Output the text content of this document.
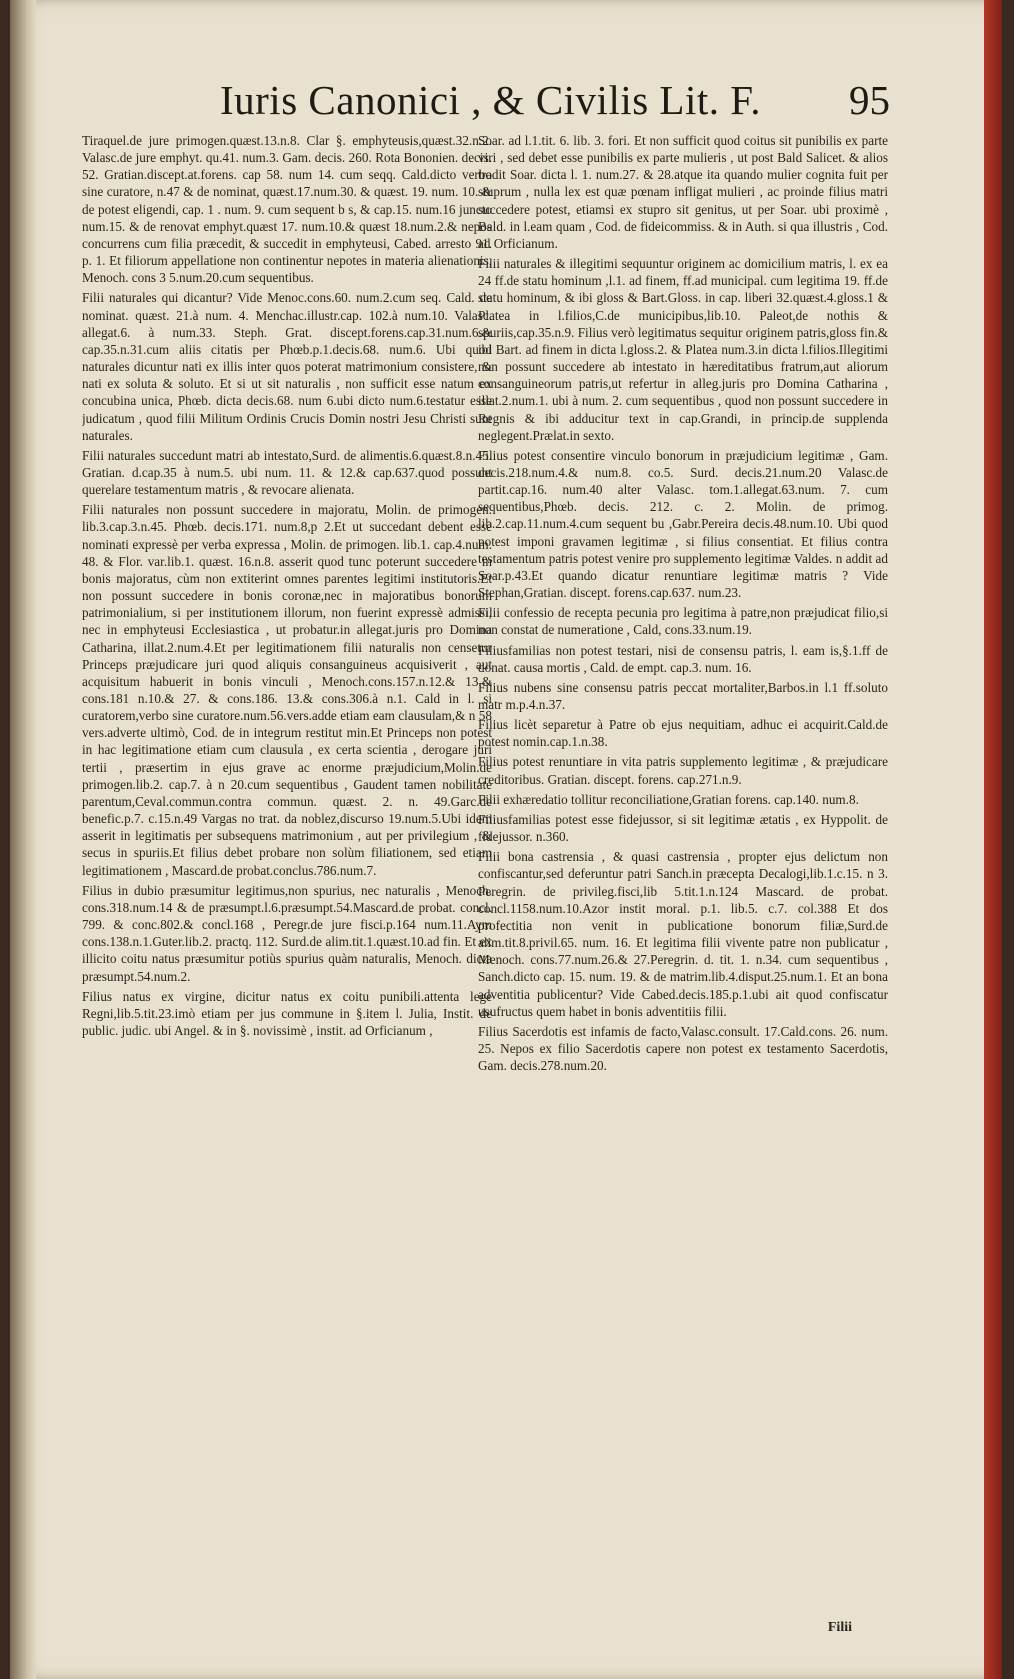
Iuris Canonici , & Civilis Lit. F. 95

Tiraquel.de jure primogen.quæst.13.n.8. Clar §. emphyteusis,quæst.32.n.2. Valasc.de jure emphyt. qu.41. num.3. Gam. decis. 260. Rota Bononien. decis. 52. Gratian.discept.at.forens. cap 58. num 14. cum seqq. Cald.dicto verbo sine curatore, n.47 & de nominat, quæst.17.num.30. & quæst. 19. num. 10. & de potest eligendi, cap. 1 . num. 9. cum sequent b s, & cap.15. num.16 juncto num.15. & de renovat emphyt.quæst 17. num.10.& quæst 18.num.2.& nepos concurrens cum filia præcedit, & succedit in emphyteusi, Cabed. arresto 91. p. 1. Et filiorum appellatione non continentur nepotes in materia alienationis, Menoch. cons 3 5.num.20.cum sequentibus.

Filii naturales qui dicantur? Vide Menoc.cons.60. num.2.cum seq. Cald. de nominat. quæst. 21.à num. 4. Menchac.illustr.cap. 102.à num.10. Valasc. allegat.6. à num.33. Steph. Grat. discept.forens.cap.31.num.6.& cap.35.n.31.cum aliis citatis per Phœb.p.1.decis.68. num.6. Ubi quod naturales dicuntur nati ex illis inter quos poterat matrimonium consistere, & nati ex soluta & soluto. Et si ut sit naturalis , non sufficit esse natum ex concubina unica, Phœb. dicta decis.68. num 6.ubi dicto num.6.testatur esse judicatum , quod filii Militum Ordinis Crucis Domin nostri Jesu Christi sunt naturales.

Filii naturales succedunt matri ab intestato,Surd. de alimentis.6.quæst.8.n.45. Gratian. d.cap.35 à num.5. ubi num. 11. & 12.& cap.637.quod possunt querelare testamentum matris , & revocare alienata.

Filii naturales non possunt succedere in majoratu, Molin. de primogen. lib.3.cap.3.n.45. Phœb. decis.171. num.8,p 2.Et ut succedant debent esse nominati expressè per verba expressa , Molin. de primogen. lib.1. cap.4.num. 48. & Flor. var.lib.1. quæst. 16.n.8. asserit quod tunc poterunt succedere in bonis majoratus, cùm non extiterint omnes parentes legitimi institutoris.Et non possunt succedere in bonis coronæ,nec in majoratibus bonorum patrimonialium, si per institutionem illorum, non fuerint expressè admissi, nec in emphyteusi Ecclesiastica , ut probatur.in allegat.juris pro Domina Catharina, illat.2.num.4.Et per legitimationem filii naturalis non censetur Princeps præjudicare juri quod aliquis consanguineus acquisiverit , aut acquisitum habuerit in bonis vinculi , Menoch.cons.157.n.12.& 13.& cons.181 n.10.& 27. & cons.186. 13.& cons.306.à n.1. Cald in l. si curatorem,verbo sine curatore.num.56.vers.adde etiam eam clausulam,& n 58 vers.adverte ultimò, Cod. de in integrum restitut min.Et Princeps non potest in hac legitimatione etiam cum clausula , ex certa scientia , derogare juri tertii , præsertim in ejus grave ac enorme præjudicium,Molin.de primogen.lib.2. cap.7. à n 20.cum sequentibus , Gaudent tamen nobilitate parentum,Ceval.commun.contra commun. quæst. 2. n. 49.Garc.de benefic.p.7. c.15.n.49 Vargas no trat. da noblez,discurso 19.num.5.Ubi idem asserit in legitimatis per subsequens matrimonium , aut per privilegium , & secus in spuriis.Et filius debet probare non solùm filiationem, sed etiam legitimationem , Mascard.de probat.conclus.786.num.7.

Filius in dubio præsumitur legitimus,non spurius, nec naturalis , Menoch. cons.318.num.14 & de præsumpt.l.6.præsumpt.54.Mascard.de probat. concl. 799. & conc.802.& concl.168 , Peregr.de jure fisci.p.164 num.11.Aym cons.138.n.1.Guter.lib.2. practq. 112. Surd.de alim.tit.1.quæst.10.ad fin. Et ex illicito coitu natus præsumitur potiùs spurius quàm naturalis, Menoch. dicta præsumpt.54.num.2.

Filius natus ex virgine, dicitur natus ex coitu punibili.attenta lege Regni,lib.5.tit.23.imò etiam per jus commune in §.item l. Julia, Instit. de public. judic. ubi Angel. & in §. novissimè , instit. ad Orficianum ,

Soar. ad l.1.tit. 6. lib. 3. fori. Et non sufficit quod coitus sit punibilis ex parte viri , sed debet esse punibilis ex parte mulieris , ut post Bald Salicet. & alios tradit Soar. dicta l. 1. num.27. & 28.atque ita quando mulier cognita fuit per stuprum , nulla lex est quæ pœnam infligat mulieri , ac proinde filius matri succedere potest, etiamsi ex stupro sit genitus, ut per Soar. ubi proximè , Bald. in l.eam quam , Cod. de fideicommiss. & in Auth. si qua illustris , Cod. ad Orficianum.

Filii naturales & illegitimi sequuntur originem ac domicilium matris, l. ex ea 24 ff.de statu hominum ,l.1. ad finem, ff.ad municipal. cum legitima 19. ff.de statu hominum, & ibi gloss & Bart.Gloss. in cap. liberi 32.quæst.4.gloss.1 & Platea in l.filios,C.de municipibus,lib.10. Paleot,de nothis & spuriis,cap.35.n.9. Filius verò legitimatus sequitur originem patris,gloss fin.& ibi Bart. ad finem in dicta l.gloss.2. & Platea num.3.in dicta l.filios.Illegitimi non possunt succedere ab intestato in hæreditatibus fratrum,aut aliorum consanguineorum patris,ut refertur in alleg.juris pro Domina Catharina , illat.2.num.1. ubi à num. 2. cum sequentibus , quod non possunt succedere in Regnis & ibi adducitur text in cap.Grandi, in princip.de supplenda neglegent.Prælat.in sexto.

Filius potest consentire vinculo bonorum in præjudicium legitimæ , Gam. decis.218.num.4.& num.8. co.5. Surd. decis.21.num.20 Valasc.de partit.cap.16. num.40 alter Valasc. tom.1.allegat.63.num. 7. cum sequentibus,Phœb. decis. 212. c. 2. Molin. de primog. lib.2.cap.11.num.4.cum sequent bu ,Gabr.Pereira decis.48.num.10. Ubi quod potest imponi gravamen legitimæ , si filius consentiat. Et filius contra testamentum patris potest venire pro supplemento legitimæ Valdes. n addit ad Soar.p.43.Et quando dicatur renuntiare legitimæ matris ? Vide Stephan,Gratian. discept. forens.cap.637. num.23.

Filii confessio de recepta pecunia pro legitima à patre,non præjudicat filio,si non constat de numeratione , Cald, cons.33.num.19.

Filiusfamilias non potest testari, nisi de consensu patris, l. eam is,§.1.ff de donat. causa mortis , Cald. de empt. cap.3. num. 16.

Filius nubens sine consensu patris peccat mortaliter,Barbos.in l.1 ff.soluto matr m.p.4.n.37.

Filius licèt separetur à Patre ob ejus nequitiam, adhuc ei acquirit.Cald.de potest nomin.cap.1.n.38.

Filius potest renuntiare in vita patris supplemento legitimæ , & præjudicare creditoribus. Gratian. discept. forens. cap.271.n.9.

Filii exhæredatio tollitur reconciliatione,Gratian forens. cap.140. num.8.

Filiusfamilias potest esse fidejussor, si sit legitimæ ætatis , ex Hyppolit. de fidejussor. n.360.

Filii bona castrensia , & quasi castrensia , propter ejus delictum non confiscantur,sed deferuntur patri Sanch.in præcepta Decalogi,lib.1.c.15. n 3. Peregrin. de privileg.fisci,lib 5.tit.1.n.124 Mascard. de probat. concl.1158.num.10.Azor instit moral. p.1. lib.5. c.7. col.388 Et dos profectitia non venit in publicatione bonorum filiæ,Surd.de alim.tit.8.privil.65. num. 16. Et legitima filii vivente patre non publicatur , Menoch. cons.77.num.26.& 27.Peregrin. d. tit. 1. n.34. cum sequentibus , Sanch.dicto cap. 15. num. 19. & de matrim.lib.4.disput.25.num.1. Et an bona adventitia publicentur? Vide Cabed.decis.185.p.1.ubi ait quod confiscatur usufructus quem habet in bonis adventitiis filii.

Filius Sacerdotis est infamis de facto,Valasc.consult. 17.Cald.cons. 26. num. 25. Nepos ex filio Sacerdotis capere non potest ex testamento Sacerdotis, Gam. decis.278.num.20.

Filii
